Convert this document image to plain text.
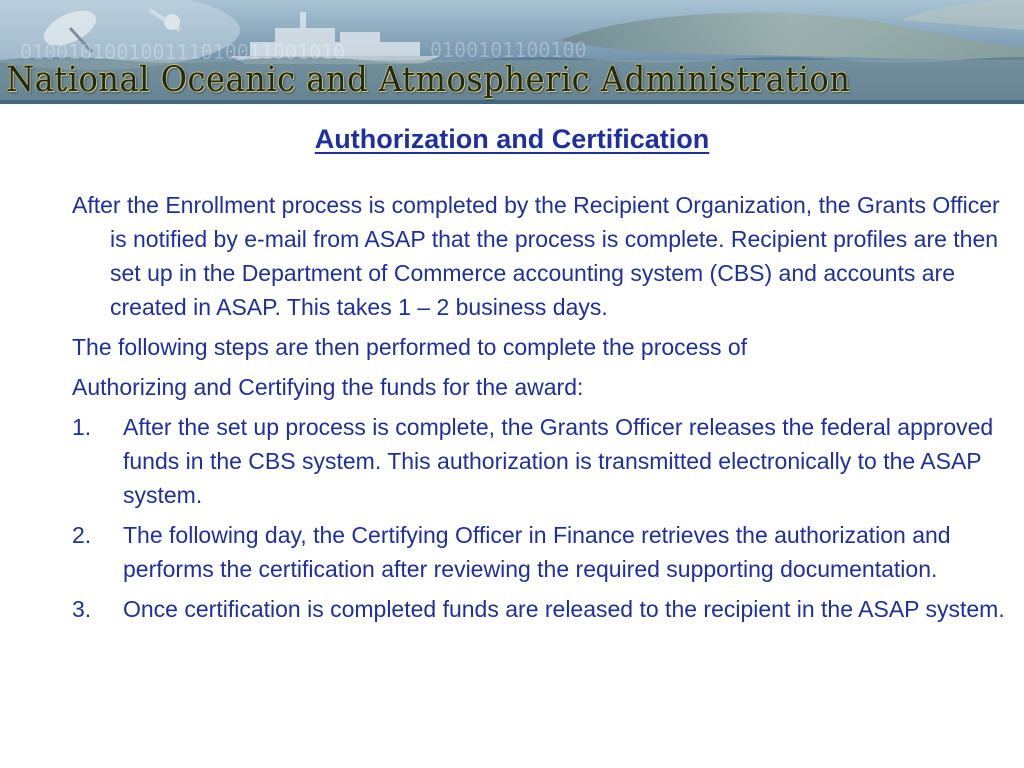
010010100100111010011001010	0100101100100
National Oceanic and Atmospheric Administration
Authorization and Certification

After the Enrollment process is completed by the Recipient Organization, the Grants Officer is notified by e-mail from ASAP that the process is complete. Recipient profiles are then set up in the Department of Commerce accounting system (CBS) and accounts are created in ASAP. This takes 1 – 2 business days.

The following steps are then performed to complete the process of

Authorizing and Certifying the funds for the award:

1. After the set up process is complete, the Grants Officer releases the federal approved funds in the CBS system. This authorization is transmitted electronically to the ASAP system.
2. The following day, the Certifying Officer in Finance retrieves the authorization and performs the certification after reviewing the required supporting documentation.
3. Once certification is completed funds are released to the recipient in the ASAP system.
